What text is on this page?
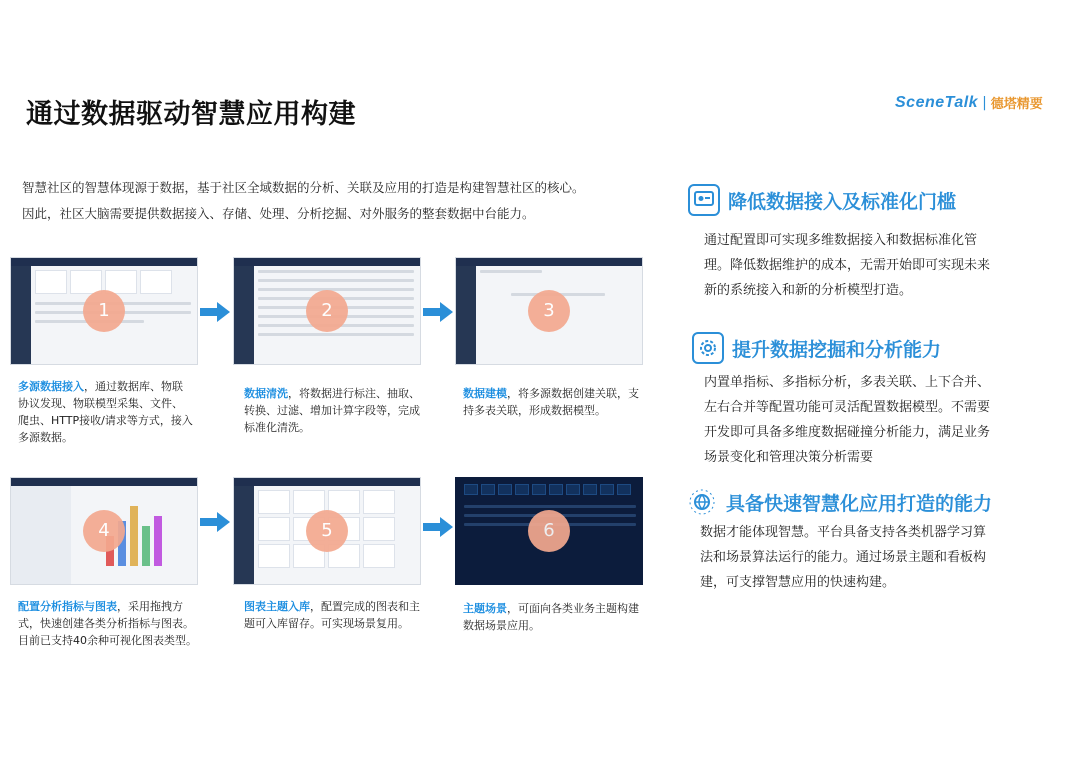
通过数据驱动智慧应用构建	SceneTalk | 德塔精要

智慧社区的智慧体现源于数据，基于社区全域数据的分析、关联及应用的打造是构建智慧社区的核心。

因此，社区大脑需要提供数据接入、存储、处理、分析挖掘、对外服务的整套数据中台能力。

1	2	3
多源数据接入，通过数据库、物联协议发现、物联模型采集、文件、爬虫、HTTP接收/请求等方式，接入多源数据。
数据清洗，将数据进行标注、抽取、转换、过滤、增加计算字段等，完成标准化清洗。
数据建模，将多源数据创建关联，支持多表关联，形成数据模型。
4	5	6
配置分析指标与图表，采用拖拽方式，快速创建各类分析指标与图表。目前已支持40余种可视化图表类型。
图表主题入库，配置完成的图表和主题可入库留存。可实现场景复用。
主题场景，可面向各类业务主题构建数据场景应用。
降低数据接入及标准化门槛
通过配置即可实现多维数据接入和数据标准化管理。降低数据维护的成本，无需开始即可实现未来新的系统接入和新的分析模型打造。
提升数据挖掘和分析能力
内置单指标、多指标分析，多表关联、上下合并、左右合并等配置功能可灵活配置数据模型。不需要开发即可具备多维度数据碰撞分析能力，满足业务场景变化和管理决策分析需要
具备快速智慧化应用打造的能力
数据才能体现智慧。平台具备支持各类机器学习算法和场景算法运行的能力。通过场景主题和看板构建，可支撑智慧应用的快速构建。
